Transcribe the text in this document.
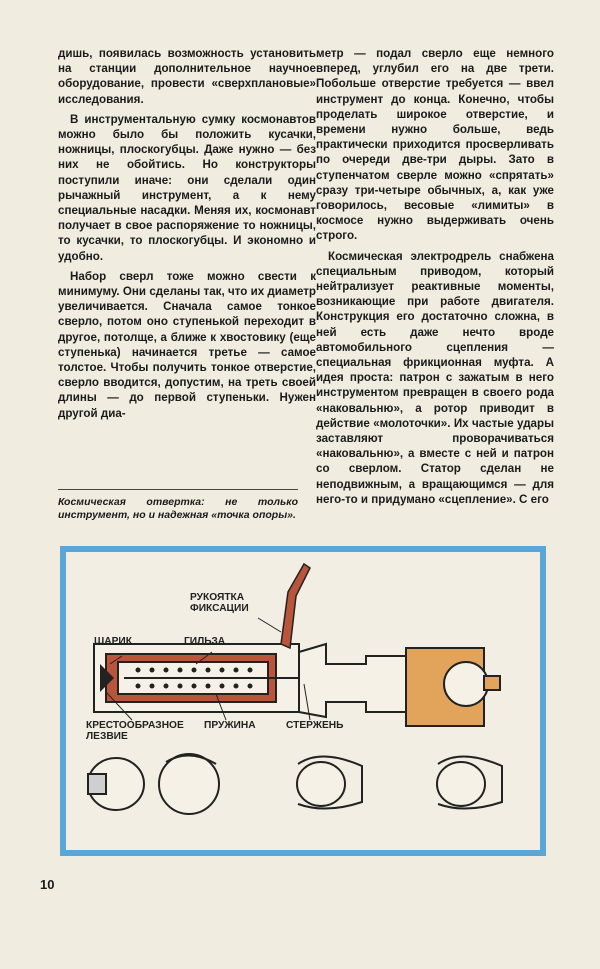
дишь, появилась возможность установить на станции дополнительное научное оборудование, провести «сверхплановые» исследования.

В инструментальную сумку космонавтов можно было бы положить кусачки, ножницы, плоскогубцы. Даже нужно — без них не обойтись. Но конструкторы поступили иначе: они сделали один рычажный инструмент, а к нему специальные насадки. Меняя их, космонавт получает в свое распоряжение то ножницы, то кусачки, то плоскогубцы. И экономно и удобно.

Набор сверл тоже можно свести к минимуму. Они сделаны так, что их диаметр увеличивается. Сначала самое тонкое сверло, потом оно ступенькой переходит в другое, потолще, а ближе к хвостовику (еще ступенька) начинается третье — самое толстое. Чтобы получить тонкое отверстие, сверло вводится, допустим, на треть своей длины — до первой ступеньки. Нужен другой диа-

метр — подал сверло еще немного вперед, углубил его на две трети. Побольше отверстие требуется — ввел инструмент до конца. Конечно, чтобы проделать широкое отверстие, и времени нужно больше, ведь практически приходится просверливать по очереди две-три дыры. Зато в ступенчатом сверле можно «спрятать» сразу три-четыре обычных, а, как уже говорилось, весовые «лимиты» в космосе нужно выдерживать очень строго.

Космическая электродрель снабжена специальным приводом, который нейтрализует реактивные моменты, возникающие при работе двигателя. Конструкция его достаточно сложна, в ней есть даже нечто вроде автомобильного сцепления — специальная фрикционная муфта. А идея проста: патрон с зажатым в него инструментом превращен в своего рода «наковальню», а ротор приводит в действие «молоточки». Их частые удары заставляют проворачиваться «наковальню», а вместе с ней и патрон со сверлом. Статор сделан не неподвижным, а вращающимся — для него-то и придумано «сцепление». С его

Космическая отвертка: не только инструмент, но и надежная «точка опоры».
РУКОЯТКА ФИКСАЦИИ
ШАРИК	ГИЛЬЗА
КРЕСТООБРАЗНОЕ ЛЕЗВИЕ
ПРУЖИНА	СТЕРЖЕНЬ
10
